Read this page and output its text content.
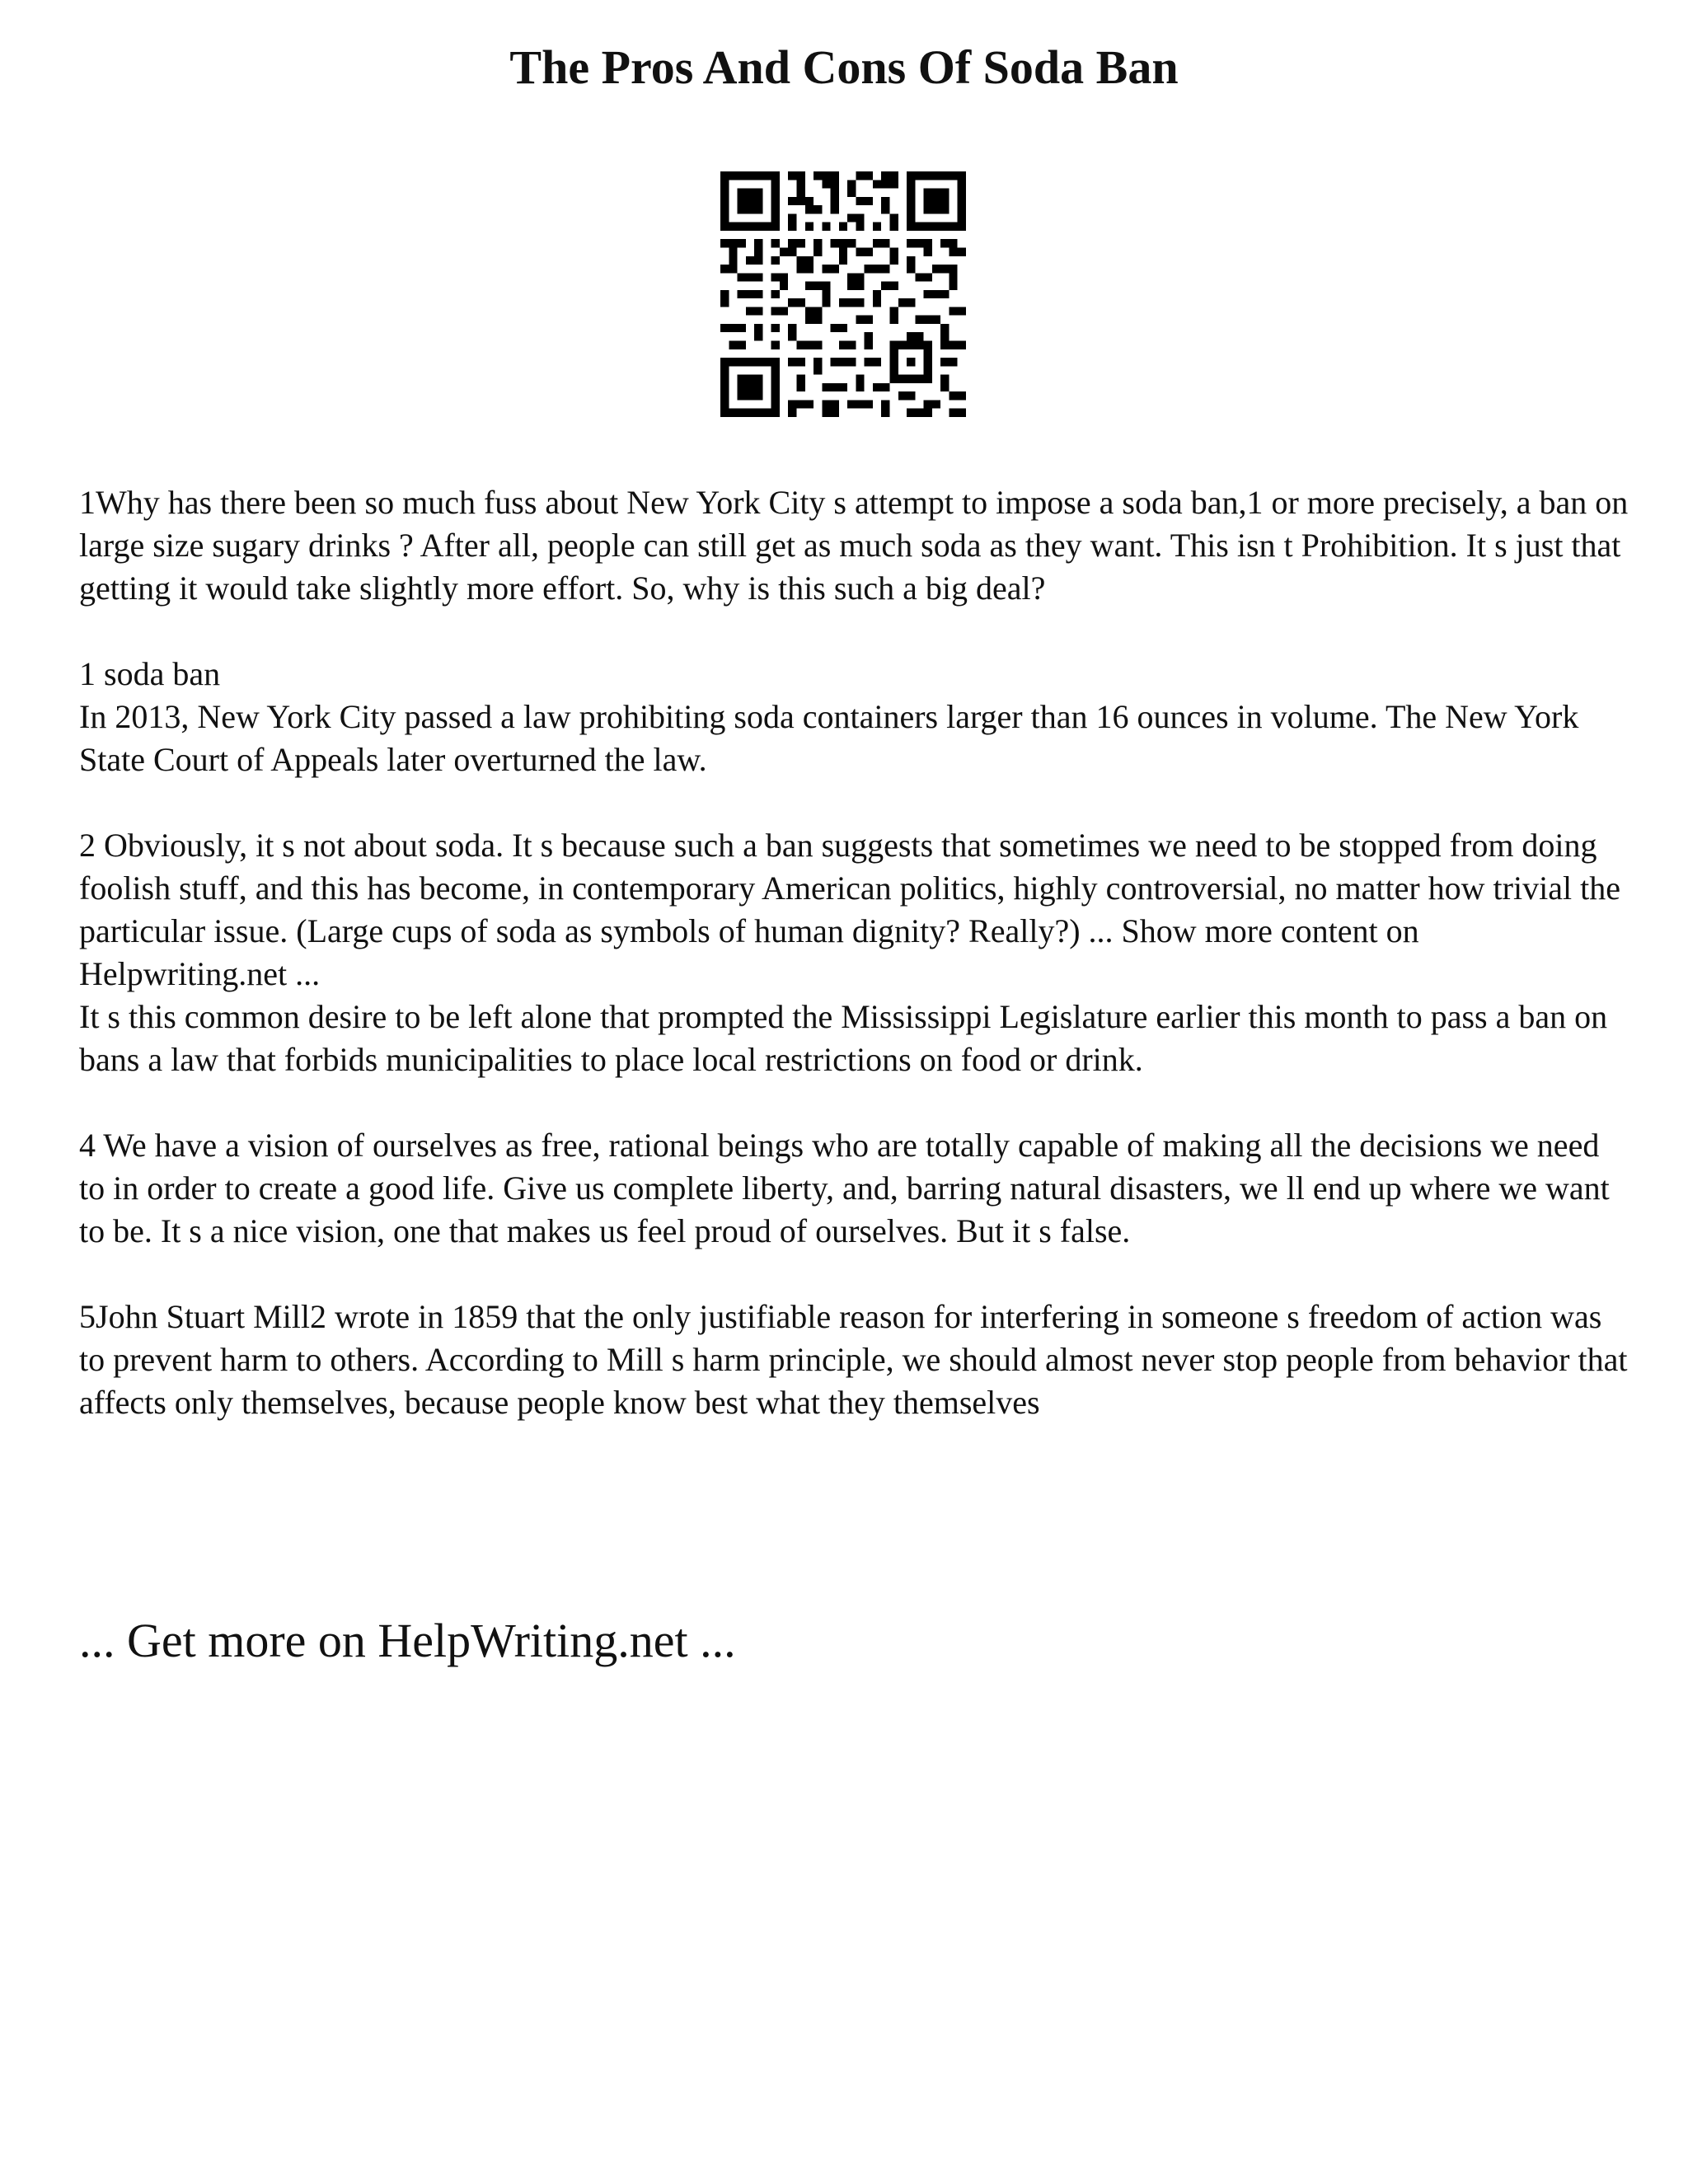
The Pros And Cons Of Soda Ban

1Why has there been so much fuss about New York City s attempt to impose a soda ban,1 or more precisely, a ban on large size sugary drinks ? After all, people can still get as much soda as they want. This isn t Prohibition. It s just that getting it would take slightly more effort. So, why is this such a big deal?

1 soda ban
In 2013, New York City passed a law prohibiting soda containers larger than 16 ounces in volume. The New York State Court of Appeals later overturned the law.

2 Obviously, it s not about soda. It s because such a ban suggests that sometimes we need to be stopped from doing foolish stuff, and this has become, in contemporary American politics, highly controversial, no matter how trivial the particular issue. (Large cups of soda as symbols of human dignity? Really?) ... Show more content on Helpwriting.net ...

It s this common desire to be left alone that prompted the Mississippi Legislature earlier this month to pass a ban on bans a law that forbids municipalities to place local restrictions on food or drink.

4 We have a vision of ourselves as free, rational beings who are totally capable of making all the decisions we need to in order to create a good life. Give us complete liberty, and, barring natural disasters, we ll end up where we want to be. It s a nice vision, one that makes us feel proud of ourselves. But it s false.

5John Stuart Mill2 wrote in 1859 that the only justifiable reason for interfering in someone s freedom of action was to prevent harm to others. According to Mill s harm principle, we should almost never stop people from behavior that affects only themselves, because people know best what they themselves

... Get more on HelpWriting.net ...
